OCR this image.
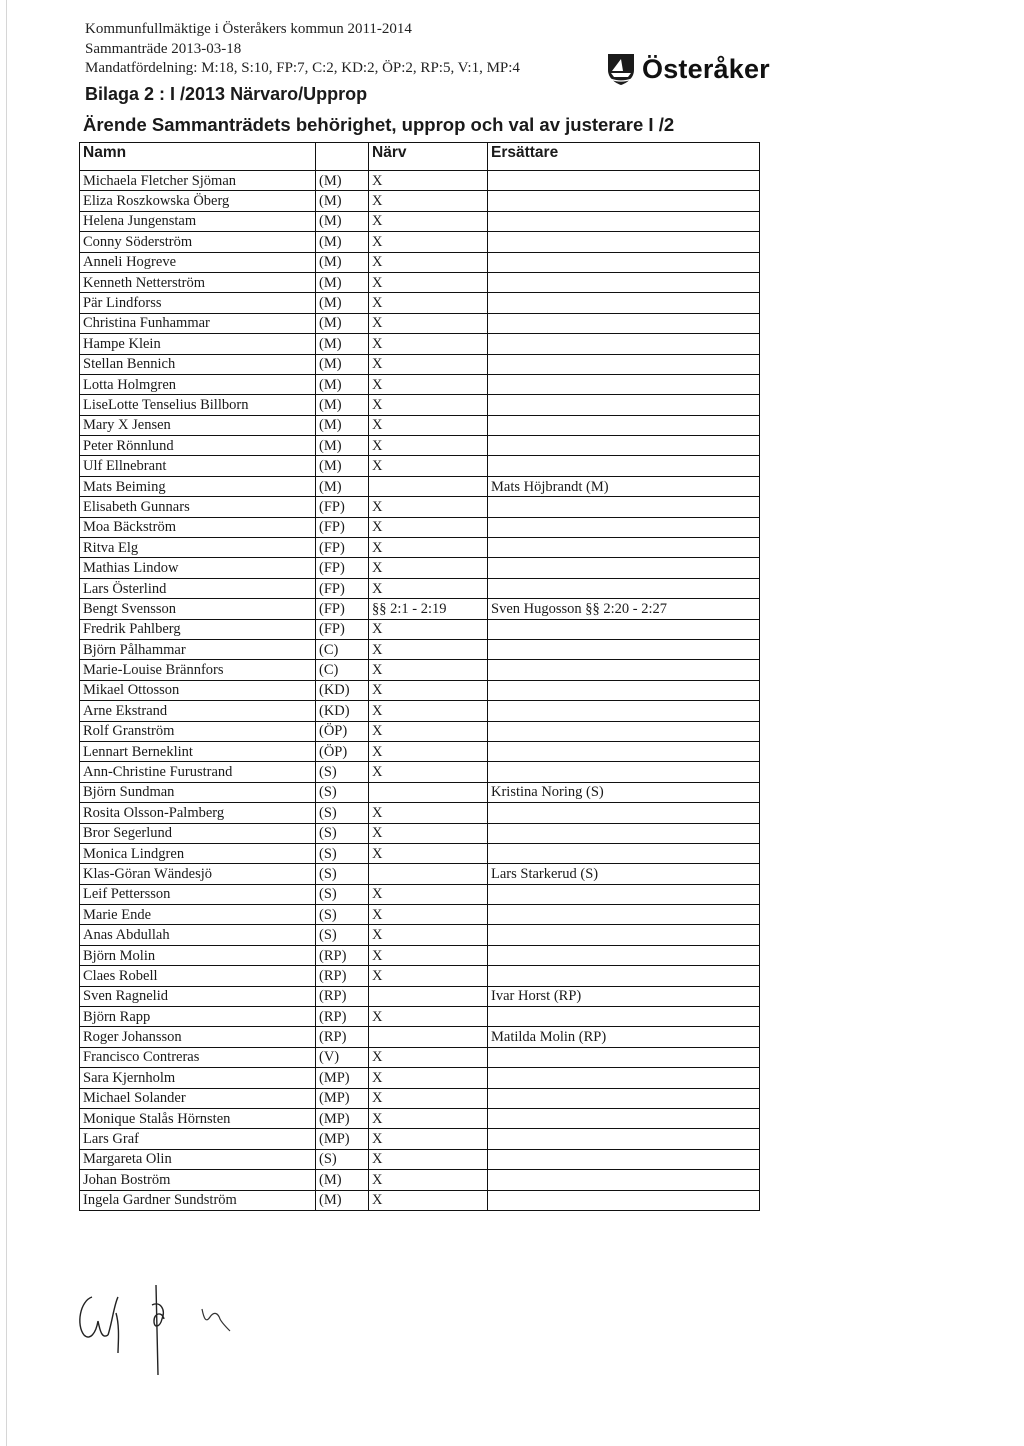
Kommunfullmäktige i Österåkers kommun 2011-2014
Sammanträde 2013-03-18
Mandatfördelning: M:18, S:10, FP:7, C:2, KD:2, ÖP:2, RP:5, V:1, MP:4
Bilaga 2 : I /2013 Närvaro/Upprop
Ärende Sammanträdets behörighet, upprop och val av justerare I /2
Österåker
Namn		Närv	Ersättare
Michaela Fletcher Sjöman	(M)	X	
Eliza Roszkowska Öberg	(M)	X	
Helena Jungenstam	(M)	X	
Conny Söderström	(M)	X	
Anneli Hogreve	(M)	X	
Kenneth Netterström	(M)	X	
Pär Lindforss	(M)	X	
Christina Funhammar	(M)	X	
Hampe Klein	(M)	X	
Stellan Bennich	(M)	X	
Lotta Holmgren	(M)	X	
LiseLotte Tenselius Billborn	(M)	X	
Mary X Jensen	(M)	X	
Peter Rönnlund	(M)	X	
Ulf Ellnebrant	(M)	X	
Mats Beiming	(M)		Mats Höjbrandt (M)
Elisabeth Gunnars	(FP)	X	
Moa Bäckström	(FP)	X	
Ritva Elg	(FP)	X	
Mathias Lindow	(FP)	X	
Lars Österlind	(FP)	X	
Bengt Svensson	(FP)	§§ 2:1 - 2:19	Sven Hugosson §§ 2:20 - 2:27
Fredrik Pahlberg	(FP)	X	
Björn Pålhammar	(C)	X	
Marie-Louise Brännfors	(C)	X	
Mikael Ottosson	(KD)	X	
Arne Ekstrand	(KD)	X	
Rolf Granström	(ÖP)	X	
Lennart Berneklint	(ÖP)	X	
Ann-Christine Furustrand	(S)	X	
Björn Sundman	(S)		Kristina Noring (S)
Rosita Olsson-Palmberg	(S)	X	
Bror Segerlund	(S)	X	
Monica Lindgren	(S)	X	
Klas-Göran Wändesjö	(S)		Lars Starkerud (S)
Leif Pettersson	(S)	X	
Marie Ende	(S)	X	
Anas Abdullah	(S)	X	
Björn Molin	(RP)	X	
Claes Robell	(RP)	X	
Sven Ragnelid	(RP)		Ivar Horst (RP)
Björn Rapp	(RP)	X	
Roger Johansson	(RP)		Matilda Molin (RP)
Francisco Contreras	(V)	X	
Sara Kjernholm	(MP)	X	
Michael Solander	(MP)	X	
Monique Stalås Hörnsten	(MP)	X	
Lars Graf	(MP)	X	
Margareta Olin	(S)	X	
Johan Boström	(M)	X	
Ingela Gardner Sundström	(M)	X	
